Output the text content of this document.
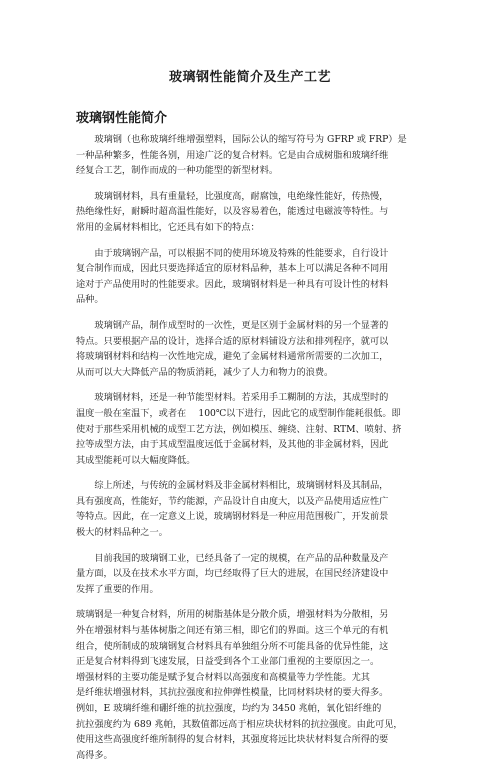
玻璃钢性能简介及生产工艺
玻璃钢性能简介

　　玻璃钢（也称玻璃纤维增强塑料，国际公认的缩写符号为 GFRP 或 FRP）是
一种品种繁多，性能各别，用途广泛的复合材料。它是由合成树脂和玻璃纤维
经复合工艺，制作而成的一种功能型的新型材料。

　　玻璃钢材料，具有重量轻，比强度高，耐腐蚀，电绝缘性能好，传热慢，
热绝缘性好，耐瞬时超高温性能好，以及容易着色，能透过电磁波等特性。与
常用的金属材料相比，它还具有如下的特点：

　　由于玻璃钢产品，可以根据不同的使用环境及特殊的性能要求，自行设计
复合制作而成，因此只要选择适宜的原材料品种，基本上可以满足各种不同用
途对于产品使用时的性能要求。因此，玻璃钢材料是一种具有可设计性的材料
品种。

　　玻璃钢产品，制作成型时的一次性，更是区别于金属材料的另一个显著的
特点。只要根据产品的设计，选择合适的原材料铺设方法和排列程序，就可以
将玻璃钢材料和结构一次性地完成，避免了金属材料通常所需要的二次加工，
从而可以大大降低产品的物质消耗，减少了人力和物力的浪费。

　　玻璃钢材料，还是一种节能型材料。若采用手工糊制的方法，其成型时的
温度一般在室温下，或者在　 100℃以下进行，因此它的成型制作能耗很低。即
使对于那些采用机械的成型工艺方法，例如模压、缠绕、注射、RTM、喷射、挤
拉等成型方法，由于其成型温度远低于金属材料，及其他的非金属材料，因此
其成型能耗可以大幅度降低。

　　综上所述，与传统的金属材料及非金属材料相比，玻璃钢材料及其制品，
具有强度高，性能好，节约能源，产品设计自由度大，以及产品使用适应性广
等特点。因此，在一定意义上说，玻璃钢材料是一种应用范围极广，开发前景
极大的材料品种之一。

　　目前我国的玻璃钢工业，已经具备了一定的规模，在产品的品种数量及产
量方面，以及在技术水平方面，均已经取得了巨大的进展，在国民经济建设中
发挥了重要的作用。

玻璃钢是一种复合材料，所用的树脂基体是分散介质，增强材料为分散相，另
外在增强材料与基体树脂之间还有第三相，即它们的界面。这三个单元的有机
组合，使所制成的玻璃钢复合材料具有单独组分所不可能具备的优异性能，这
正是复合材料得到飞速发展，日益受到各个工业部门重视的主要原因之一。
增强材料的主要功能是赋予复合材料以高强度和高模量等力学性能。尤其
是纤维状增强材料，其抗拉强度和拉伸弹性模量，比同材料块材的要大得多。
例如，E 玻璃纤维和硼纤维的抗拉强度，均约为 3450 兆帕，氧化铝纤维的
抗拉强度约为 689 兆帕，其数值都远高于相应块状材料的抗拉强度。由此可见，
使用这些高强度纤维所制得的复合材料，其强度将远比块状材料复合所得的要
高得多。
